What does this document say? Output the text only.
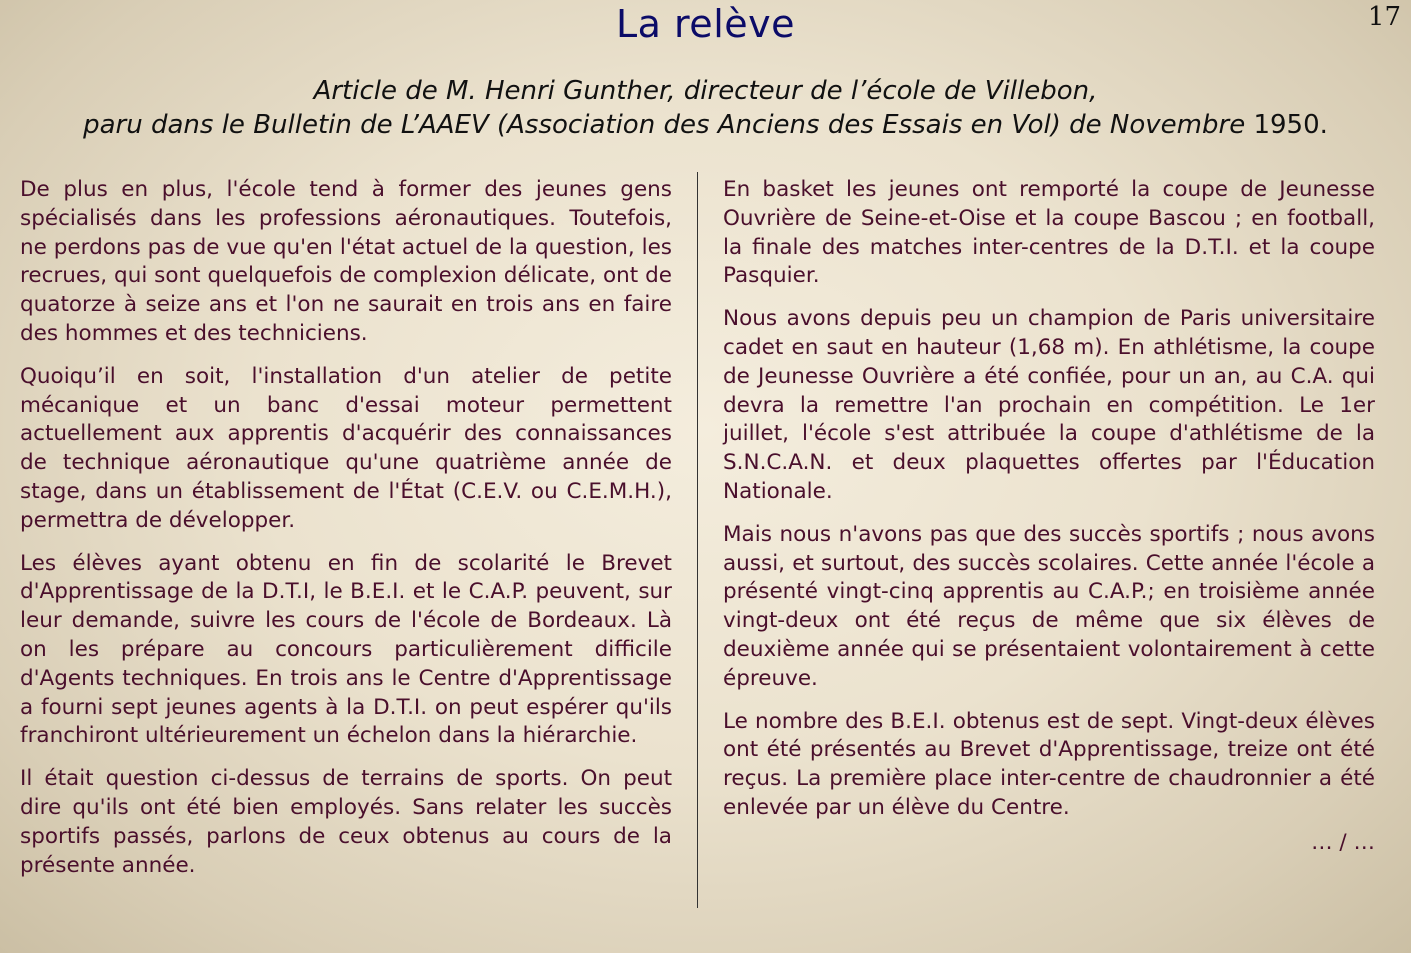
17
La relève
Article de M. Henri Gunther, directeur de l’école de Villebon,
paru dans le Bulletin de L’AAEV (Association des Anciens des Essais en Vol) de Novembre 1950.

De plus en plus, l'école tend à former des jeunes gens spécialisés dans les professions aéronautiques. Toutefois, ne perdons pas de vue qu'en l'état actuel de la question, les recrues, qui sont quelquefois de complexion délicate, ont de quatorze à seize ans et l'on ne saurait en trois ans en faire des hommes et des techniciens.

Quoiqu’il en soit, l'installation d'un atelier de petite mécanique et un banc d'essai moteur permettent actuellement aux apprentis d'acquérir des connaissances de technique aéronautique qu'une quatrième année de stage, dans un établissement de l'État (C.E.V. ou C.E.M.H.), permettra de développer.

Les élèves ayant obtenu en fin de scolarité le Brevet d'Apprentissage de la D.T.I, le B.E.I. et le C.A.P. peuvent, sur leur demande, suivre les cours de l'école de Bordeaux. Là on les prépare au concours particulièrement difficile d'Agents techniques. En trois ans le Centre d'Apprentissage a fourni sept jeunes agents à la D.T.I. on peut espérer qu'ils franchiront ultérieurement un échelon dans la hiérarchie.

Il était question ci-dessus de terrains de sports. On peut dire qu'ils ont été bien employés. Sans relater les succès sportifs passés, parlons de ceux obtenus au cours de la présente année.

En basket les jeunes ont remporté la coupe de Jeunesse Ouvrière de Seine-et-Oise et la coupe Bascou ; en football, la finale des matches inter-centres de la D.T.I. et la coupe Pasquier.

Nous avons depuis peu un champion de Paris universitaire cadet en saut en hauteur (1,68 m). En athlétisme, la coupe de Jeunesse Ouvrière a été confiée, pour un an, au C.A. qui devra la remettre l'an prochain en compétition. Le 1er juillet, l'école s'est attribuée la coupe d'athlétisme de la S.N.C.A.N. et deux plaquettes offertes par l'Éducation Nationale.

Mais nous n'avons pas que des succès sportifs ; nous avons aussi, et surtout, des succès scolaires. Cette année l'école a présenté vingt-cinq apprentis au C.A.P.; en troisième année vingt-deux ont été reçus de même que six élèves de deuxième année qui se présentaient volontairement à cette épreuve.

Le nombre des B.E.I. obtenus est de sept. Vingt-deux élèves ont été présentés au Brevet d'Apprentissage, treize ont été reçus. La première place inter-centre de chaudronnier a été enlevée par un élève du Centre.

… / …
